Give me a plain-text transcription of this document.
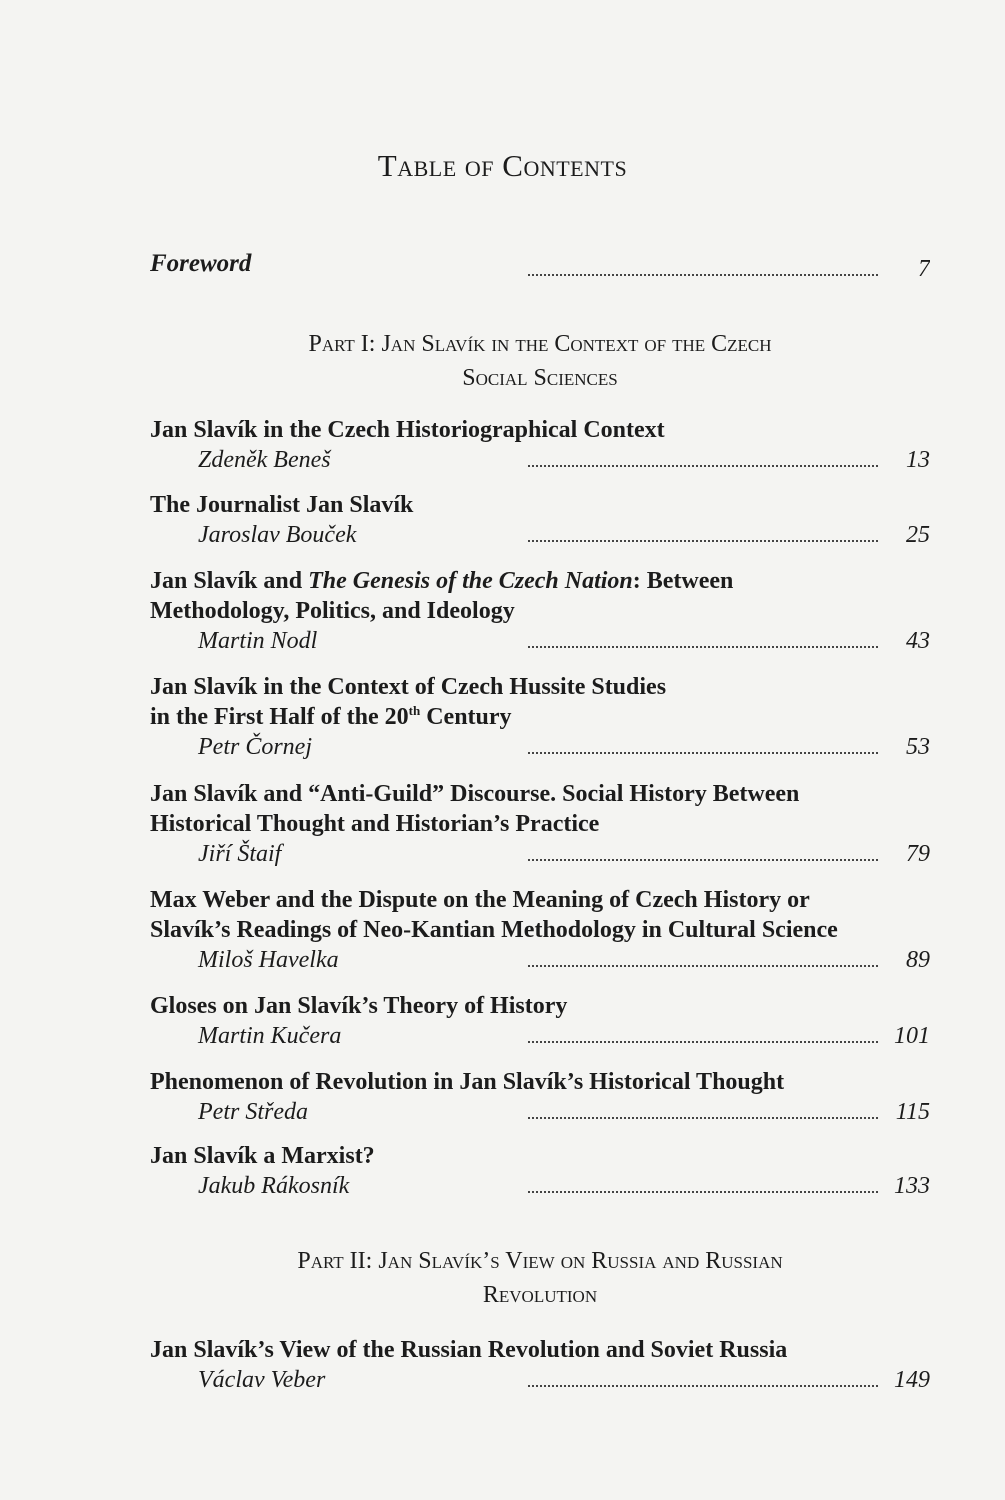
Table of Contents
Foreword	7
Part I: Jan Slavík in the Context of the Czech
Social Sciences

Jan Slavík in the Czech Historiographical Context

Zdeněk Beneš	13

The Journalist Jan Slavík

Jaroslav Bouček	25

Jan Slavík and The Genesis of the Czech Nation: Between

Methodology, Politics, and Ideology

Martin Nodl	43

Jan Slavík in the Context of Czech Hussite Studies

in the First Half of the 20th Century

Petr Čornej	53

Jan Slavík and “Anti-Guild” Discourse. Social History Between

Historical Thought and Historian’s Practice

Jiří Štaif	79

Max Weber and the Dispute on the Meaning of Czech History or

Slavík’s Readings of Neo-Kantian Methodology in Cultural Science

Miloš Havelka	89

Gloses on Jan Slavík’s Theory of History

Martin Kučera	101

Phenomenon of Revolution in Jan Slavík’s Historical Thought

Petr Středa	115

Jan Slavík a Marxist?

Jakub Rákosník	133
Part II: Jan Slavík’s View on Russia and Russian
Revolution

Jan Slavík’s View of the Russian Revolution and Soviet Russia

Václav Veber	149
